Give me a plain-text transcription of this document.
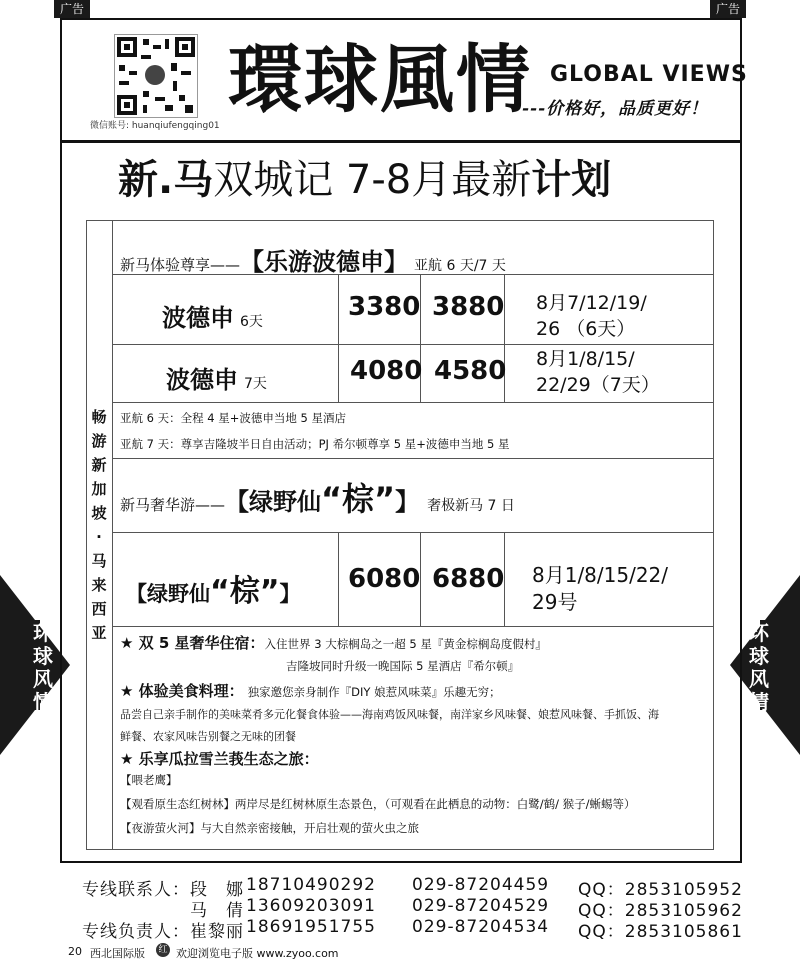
广告	广告
环
球
风
情
环
球
风
情
微信账号: huanqiufengqing01
環球風情 GLOBAL VIEWS
---价格好，品质更好！
新.马双城记 7-8月最新计划
畅
游
新
加
坡
·
马
来
西
亚
新马体验尊享——【乐游波德申】 亚航 6 天/7 天
波德申 6天	3380 3880 8月7/12/19/
26 （6天）
波德申 7天	4080 4580 8月1/8/15/
22/29（7天）
亚航 6 天：全程 4 星+波德申当地 5 星酒店
亚航 7 天：尊享吉隆坡半日自由活动；PJ 希尔顿尊享 5 星+波德申当地 5 星
新马奢华游——【绿野仙“棕”】 奢极新马 7 日
【绿野仙“棕”】 6080 6880 8月1/8/15/22/
29号
★ 双 5 星奢华住宿：入住世界 3 大棕榈岛之一超 5 星『黄金棕榈岛度假村』
吉隆坡同时升级一晚国际 5 星酒店『希尔顿』
★ 体验美食料理： 独家邀您亲身制作『DIY 娘惹风味菜』乐趣无穷；
品尝自己亲手制作的美味菜肴多元化餐食体验——海南鸡饭风味餐，南洋家乡风味餐、娘惹风味餐、手抓饭、海
鲜餐、农家风味告别餐之无味的团餐
★ 乐享瓜拉雪兰莪生态之旅：
【喂老鹰】
【观看原生态红树林】两岸尽是红树林原生态景色，（可观看在此栖息的动物：白鹭/鹤/ 猴子/蜥蜴等）
【夜游萤火河】与大自然亲密接触，开启壮观的萤火虫之旅
专线联系人：段　娜 18710490292 029-87204459 QQ：2853105952
马　倩 13609203091 029-87204529 QQ：2853105962
专线负责人：崔黎丽 18691951755 029-87204534 QQ：2853105861
20 西北国际版 红 欢迎浏览电子版 www.zyoo.com
